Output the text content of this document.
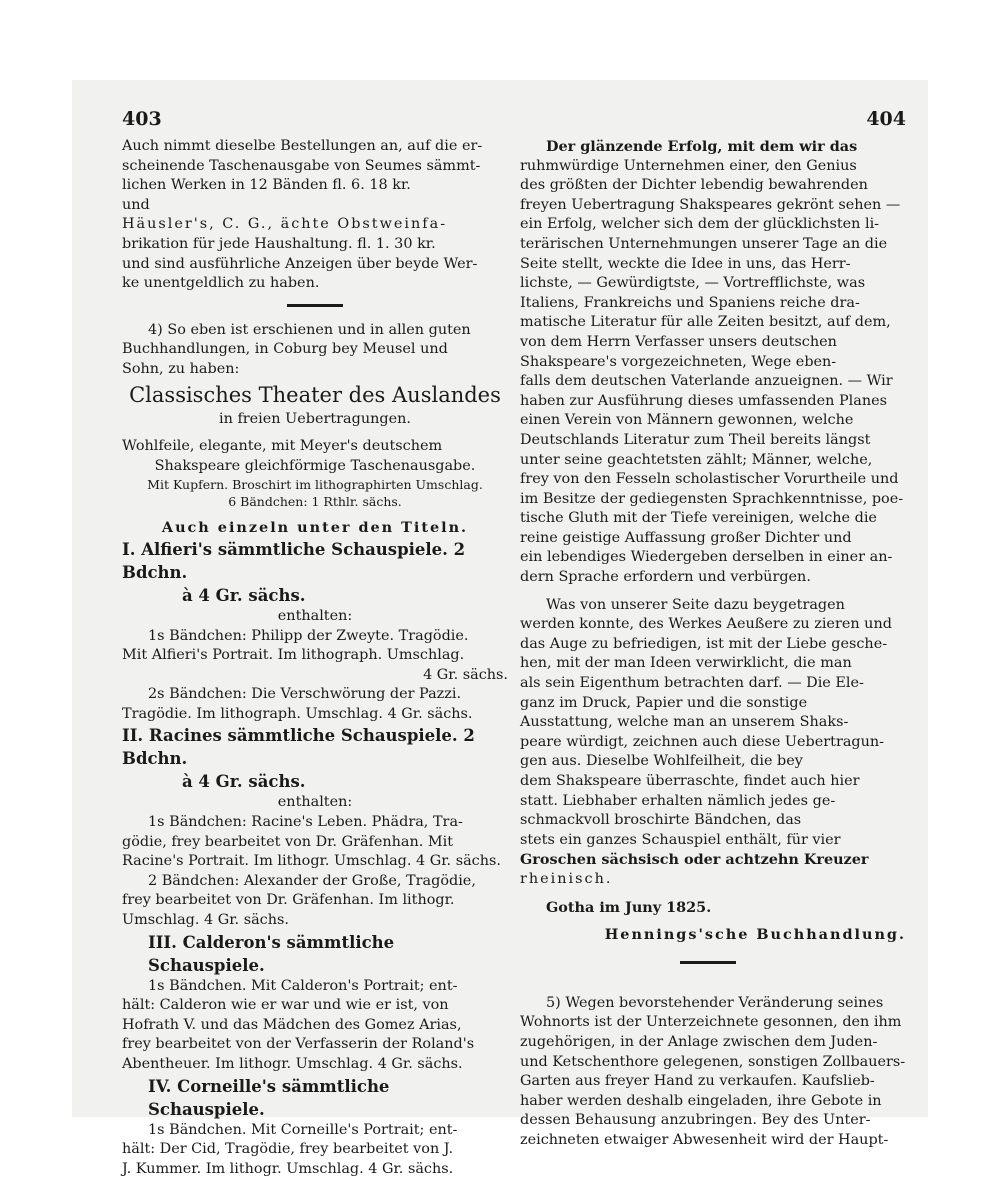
403

Auch nimmt dieselbe Bestellungen an, auf die er-

scheinende Taschenausgabe von Seumes sämmt-

lichen Werken in 12 Bänden fl. 6. 18 kr.

und

Häusler's, C. G., ächte Obstweinfa-

brikation für jede Haushaltung. fl. 1. 30 kr.

und sind ausführliche Anzeigen über beyde Wer-

ke unentgeldlich zu haben.

4) So eben ist erschienen und in allen guten

Buchhandlungen, in Coburg bey Meusel und

Sohn, zu haben:

Classisches Theater des Auslandes

in freien Uebertragungen.

Wohlfeile, elegante, mit Meyer's deutschem

Shakspeare gleichförmige Taschenausgabe.

Mit Kupfern. Broschirt im lithographirten Umschlag.

6 Bändchen: 1 Rthlr. sächs.

Auch einzeln unter den Titeln.

I. Alfieri's sämmtliche Schauspiele. 2 Bdchn.

à 4 Gr. sächs.

enthalten:

1s Bändchen: Philipp der Zweyte. Tragödie.

Mit Alfieri's Portrait. Im lithograph. Umschlag.

4 Gr. sächs.

2s Bändchen: Die Verschwörung der Pazzi.

Tragödie. Im lithograph. Umschlag. 4 Gr. sächs.

II. Racines sämmtliche Schauspiele. 2 Bdchn.

à 4 Gr. sächs.

enthalten:

1s Bändchen: Racine's Leben. Phädra, Tra-

gödie, frey bearbeitet von Dr. Gräfenhan. Mit

Racine's Portrait. Im lithogr. Umschlag. 4 Gr. sächs.

2 Bändchen: Alexander der Große, Tragödie,

frey bearbeitet von Dr. Gräfenhan. Im lithogr.

Umschlag. 4 Gr. sächs.

III. Calderon's sämmtliche Schauspiele.

1s Bändchen. Mit Calderon's Portrait; ent-

hält: Calderon wie er war und wie er ist, von

Hofrath V. und das Mädchen des Gomez Arias,

frey bearbeitet von der Verfasserin der Roland's

Abentheuer. Im lithogr. Umschlag. 4 Gr. sächs.

IV. Corneille's sämmtliche Schauspiele.

1s Bändchen. Mit Corneille's Portrait; ent-

hält: Der Cid, Tragödie, frey bearbeitet von J.

J. Kummer. Im lithogr. Umschlag. 4 Gr. sächs.

404

Der glänzende Erfolg, mit dem wir das

ruhmwürdige Unternehmen einer, den Genius

des größten der Dichter lebendig bewahrenden

freyen Uebertragung Shakspeares gekrönt sehen —

ein Erfolg, welcher sich dem der glücklichsten li-

terärischen Unternehmungen unserer Tage an die

Seite stellt, weckte die Idee in uns, das Herr-

lichste, — Gewürdigtste, — Vortrefflichste, was

Italiens, Frankreichs und Spaniens reiche dra-

matische Literatur für alle Zeiten besitzt, auf dem,

von dem Herrn Verfasser unsers deutschen

Shakspeare's vorgezeichneten, Wege eben-

falls dem deutschen Vaterlande anzueignen. — Wir

haben zur Ausführung dieses umfassenden Planes

einen Verein von Männern gewonnen, welche

Deutschlands Literatur zum Theil bereits längst

unter seine geachtetsten zählt; Männer, welche,

frey von den Fesseln scholastischer Vorurtheile und

im Besitze der gediegensten Sprachkenntnisse, poe-

tische Gluth mit der Tiefe vereinigen, welche die

reine geistige Auffassung großer Dichter und

ein lebendiges Wiedergeben derselben in einer an-

dern Sprache erfordern und verbürgen.

Was von unserer Seite dazu beygetragen

werden konnte, des Werkes Aeußere zu zieren und

das Auge zu befriedigen, ist mit der Liebe gesche-

hen, mit der man Ideen verwirklicht, die man

als sein Eigenthum betrachten darf. — Die Ele-

ganz im Druck, Papier und die sonstige

Ausstattung, welche man an unserem Shaks-

peare würdigt, zeichnen auch diese Uebertragun-

gen aus. Dieselbe Wohlfeilheit, die bey

dem Shakspeare überraschte, findet auch hier

statt. Liebhaber erhalten nämlich jedes ge-

schmackvoll broschirte Bändchen, das

stets ein ganzes Schauspiel enthält, für vier

Groschen sächsisch oder achtzehn Kreuzer

rheinisch.

Gotha im Juny 1825.

Hennings'sche Buchhandlung.

5) Wegen bevorstehender Veränderung seines

Wohnorts ist der Unterzeichnete gesonnen, den ihm

zugehörigen, in der Anlage zwischen dem Juden-

und Ketschenthore gelegenen, sonstigen Zollbauers-

Garten aus freyer Hand zu verkaufen. Kaufslieb-

haber werden deshalb eingeladen, ihre Gebote in

dessen Behausung anzubringen. Bey des Unter-

zeichneten etwaiger Abwesenheit wird der Haupt-
